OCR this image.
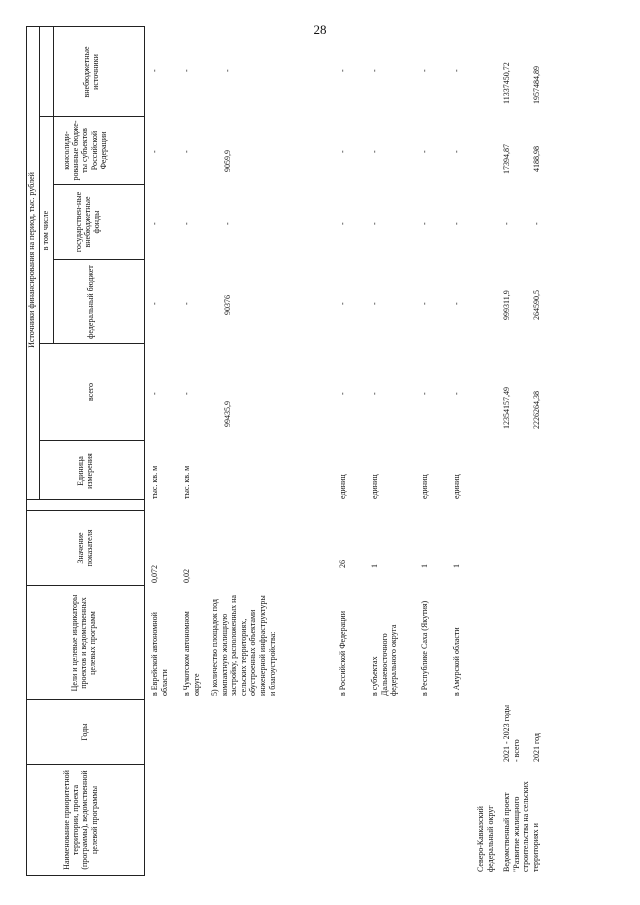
28
Наименование приоритетной территории, проекта (программы), ведомственной целевой программы
Годы
Цели и целевые индикаторы проектов и ведомственных целевых программ
Значение показателя
Единица измерения
Источники финансирования на период, тыс. рублей
всего
в том числе
федеральный бюджет
государствен-ные внебюджетные фонды
консолиди-рованные бюдже-ты субъектов Российской Федерации
внебюджетные источники
в Еврейской автономной области
0,072
тыс. кв. м
-
-
-
-
-
в Чукотском автономном округе
0,02
тыс. кв. м
-
-
-
-
-
5) количество площадок под компактную жилищную застройку, расположенных на сельских территориях, обустроенных объектами инженерной инфраструктуры и благоустройства:
99435,9
90376
-
9059,9
-
в Российской Федерации
26
единиц
-
-
-
-
-
в субъектах Дальневосточного федерального округа
1
единиц
-
-
-
-
-
в Республике Саха (Якутия)
1
единиц
-
-
-
-
-
в Амурской области
1
единиц
-
-
-
-
-
Северо-Кавказский федеральный округ Ведомственный проект "Развитие жилищного строительства на сельских территориях и
2021 - 2023 годы - всего 2021 год
12354157,49
999311,9
-
17394,87
11337450,72
2226264,38
264590,5
-
4188,98
1957484,89
